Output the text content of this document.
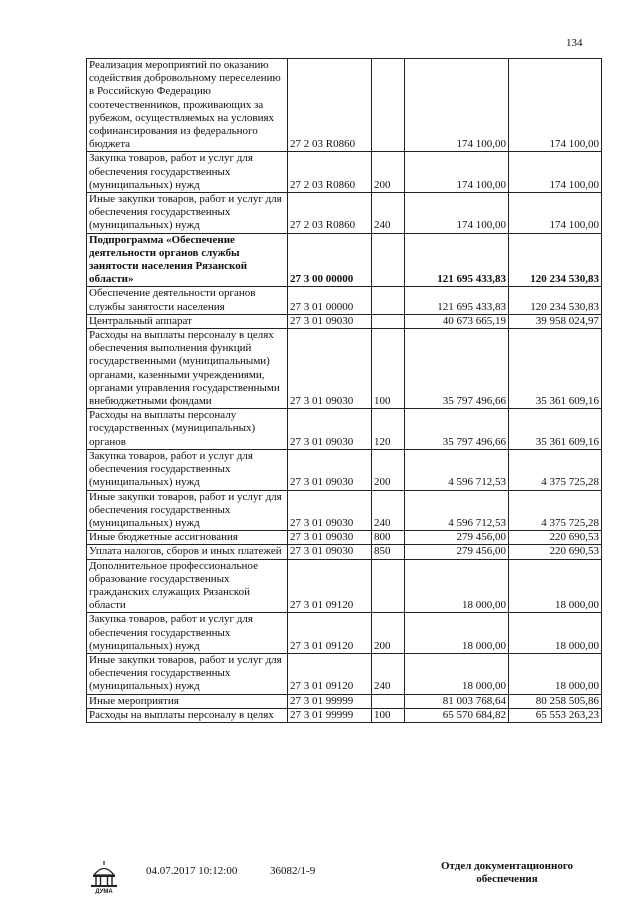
134
Реализация мероприятий по оказанию содействия добровольному переселению в Российскую Федерацию соотечественников, проживающих за рубежом, осуществляемых на условиях софинансирования из федерального бюджета	27 2 03 R0860		174 100,00	174 100,00
Закупка товаров, работ и услуг для обеспечения государственных (муниципальных) нужд	27 2 03 R0860	200	174 100,00	174 100,00
Иные закупки товаров, работ и услуг для обеспечения государственных (муниципальных) нужд	27 2 03 R0860	240	174 100,00	174 100,00
Подпрограмма «Обеспечение деятельности органов службы занятости населения Рязанской области»	27 3 00 00000		121 695 433,83	120 234 530,83
Обеспечение деятельности органов службы занятости населения	27 3 01 00000		121 695 433,83	120 234 530,83
Центральный аппарат	27 3 01 09030		40 673 665,19	39 958 024,97
Расходы на выплаты персоналу в целях обеспечения выполнения функций государственными (муниципальными) органами, казенными учреждениями, органами управления государственными внебюджетными фондами	27 3 01 09030	100	35 797 496,66	35 361 609,16
Расходы на выплаты персоналу государственных (муниципальных) органов	27 3 01 09030	120	35 797 496,66	35 361 609,16
Закупка товаров, работ и услуг для обеспечения государственных (муниципальных) нужд	27 3 01 09030	200	4 596 712,53	4 375 725,28
Иные закупки товаров, работ и услуг для обеспечения государственных (муниципальных) нужд	27 3 01 09030	240	4 596 712,53	4 375 725,28
Иные бюджетные ассигнования	27 3 01 09030	800	279 456,00	220 690,53
Уплата налогов, сборов и иных платежей	27 3 01 09030	850	279 456,00	220 690,53
Дополнительное профессиональное образование государственных гражданских служащих Рязанской области	27 3 01 09120		18 000,00	18 000,00
Закупка товаров, работ и услуг для обеспечения государственных (муниципальных) нужд	27 3 01 09120	200	18 000,00	18 000,00
Иные закупки товаров, работ и услуг для обеспечения государственных (муниципальных) нужд	27 3 01 09120	240	18 000,00	18 000,00
Иные мероприятия	27 3 01 99999		81 003 768,64	80 258 505,86
Расходы на выплаты персоналу в целях	27 3 01 99999	100	65 570 684,82	65 553 263,23
ДУМА
04.07.2017 10:12:00	36082/1-9	Отдел документационного обеспечения
